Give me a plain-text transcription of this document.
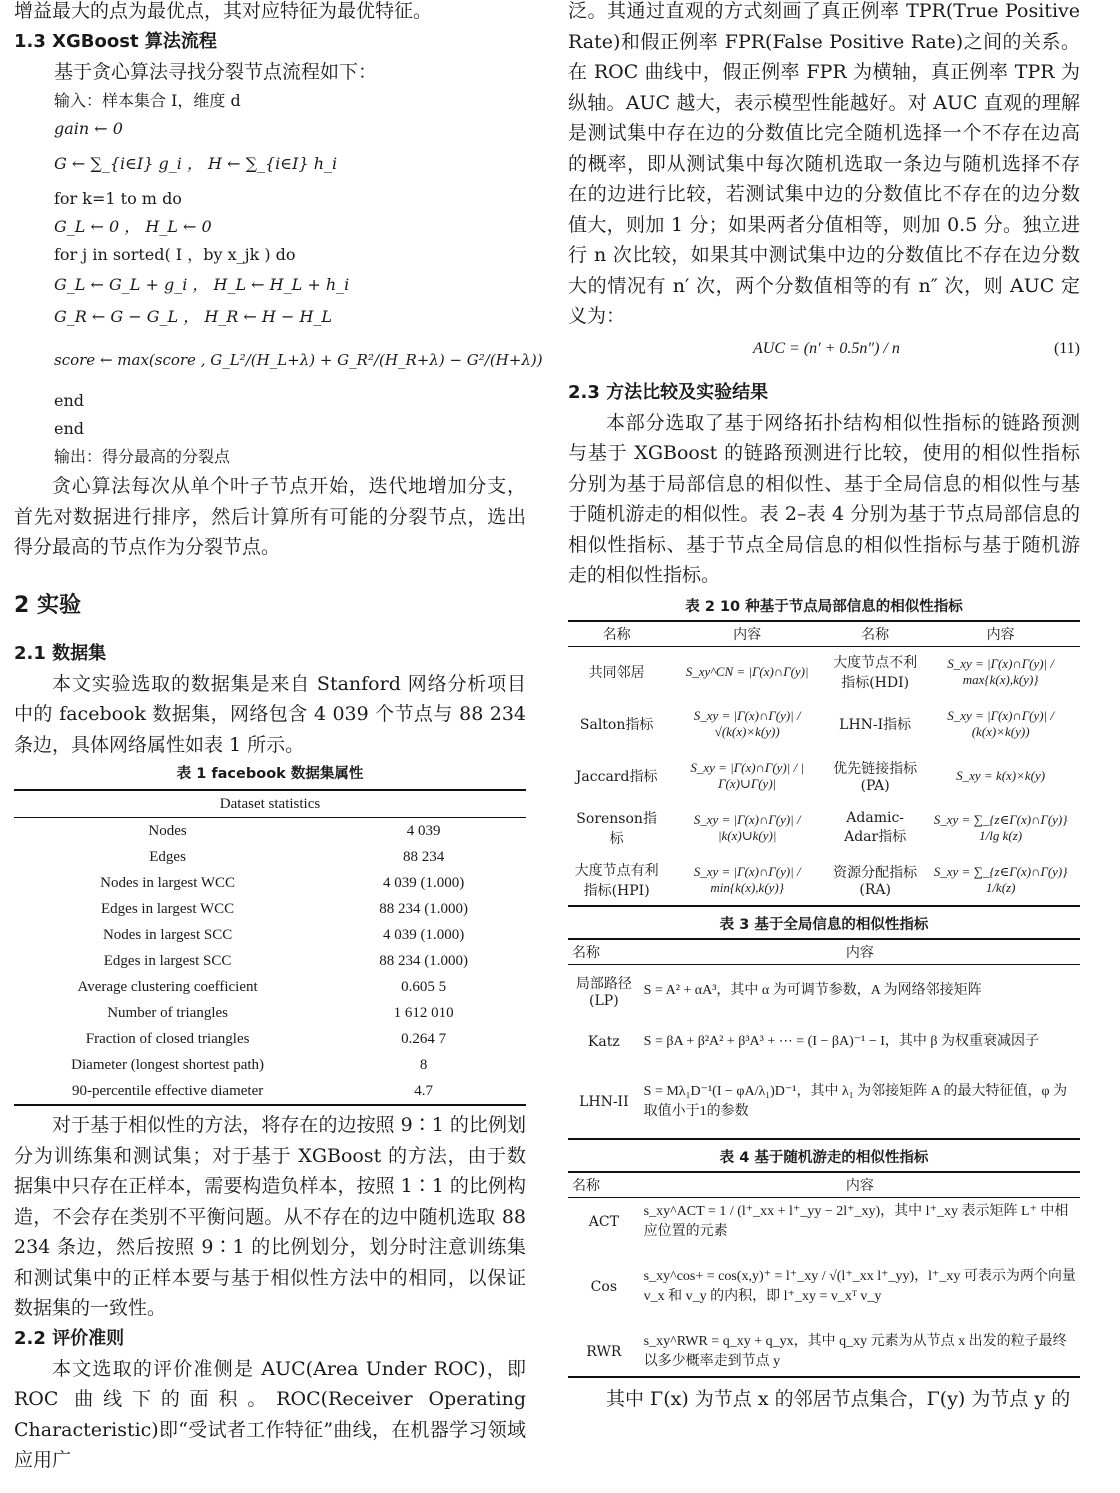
增益最大的点为最优点，其对应特征为最优特征。

1.3 XGBoost 算法流程

基于贪心算法寻找分裂节点流程如下：

输入：样本集合 I，维度 d
gain ← 0
G ← ∑_{i∈I} g_i ， H ← ∑_{i∈I} h_i
for k=1 to m do
G_L ← 0 ， H_L ← 0
for j in sorted( I ，by x_jk ) do
G_L ← G_L + g_i ， H_L ← H_L + h_i
G_R ← G − G_L ， H_R ← H − H_L
score ← max(score , G_L²/(H_L+λ) + G_R²/(H_R+λ) − G²/(H+λ))
end
end
输出：得分最高的分裂点

贪心算法每次从单个叶子节点开始，迭代地增加分支，首先对数据进行排序，然后计算所有可能的分裂节点，选出得分最高的节点作为分裂节点。

2 实验

2.1 数据集

本文实验选取的数据集是来自 Stanford 网络分析项目中的 facebook 数据集，网络包含 4 039 个节点与 88 234 条边，具体网络属性如表 1 所示。

表 1 facebook 数据集属性
Dataset statistics	
Nodes	4 039
Edges	88 234
Nodes in largest WCC	4 039 (1.000)
Edges in largest WCC	88 234 (1.000)
Nodes in largest SCC	4 039 (1.000)
Edges in largest SCC	88 234 (1.000)
Average clustering coefficient	0.605 5
Number of triangles	1 612 010
Fraction of closed triangles	0.264 7
Diameter (longest shortest path)	8
90-percentile effective diameter	4.7

对于基于相似性的方法，将存在的边按照 9∶1 的比例划分为训练集和测试集；对于基于 XGBoost 的方法，由于数据集中只存在正样本，需要构造负样本，按照 1∶1 的比例构造，不会存在类别不平衡问题。从不存在的边中随机选取 88 234 条边，然后按照 9∶1 的比例划分，划分时注意训练集和测试集中的正样本要与基于相似性方法中的相同，以保证数据集的一致性。

2.2 评价准则

本文选取的评价准侧是 AUC(Area Under ROC)，即 ROC 曲线下的面积。ROC(Receiver Operating Characteristic)即“受试者工作特征”曲线，在机器学习领域应用广

泛。其通过直观的方式刻画了真正例率 TPR(True Positive Rate)和假正例率 FPR(False Positive Rate)之间的关系。在 ROC 曲线中，假正例率 FPR 为横轴，真正例率 TPR 为纵轴。AUC 越大，表示模型性能越好。对 AUC 直观的理解是测试集中存在边的分数值比完全随机选择一个不存在边高的概率，即从测试集中每次随机选取一条边与随机选择不存在的边进行比较，若测试集中边的分数值比不存在的边分数值大，则加 1 分；如果两者分值相等，则加 0.5 分。独立进行 n 次比较，如果其中测试集中边的分数值比不存在边分数大的情况有 n′ 次，两个分数值相等的有 n″ 次，则 AUC 定义为：

AUC = (n′ + 0.5n″) / n	(11)

2.3 方法比较及实验结果

本部分选取了基于网络拓扑结构相似性指标的链路预测与基于 XGBoost 的链路预测进行比较，使用的相似性指标分别为基于局部信息的相似性、基于全局信息的相似性与基于随机游走的相似性。表 2–表 4 分别为基于节点局部信息的相似性指标、基于节点全局信息的相似性指标与基于随机游走的相似性指标。

表 2 10 种基于节点局部信息的相似性指标
名称	内容	名称	内容
共同邻居	S_xy^CN = |Γ(x)∩Γ(y)|	大度节点不利指标(HDI)	S_xy = |Γ(x)∩Γ(y)| / max{k(x),k(y)}
Salton指标	S_xy = |Γ(x)∩Γ(y)| / √(k(x)×k(y))	LHN-I指标	S_xy = |Γ(x)∩Γ(y)| / (k(x)×k(y))
Jaccard指标	S_xy = |Γ(x)∩Γ(y)| / |Γ(x)∪Γ(y)|	优先链接指标(PA)	S_xy = k(x)×k(y)
Sorenson指标	S_xy = |Γ(x)∩Γ(y)| / |k(x)∪k(y)|	Adamic-Adar指标	S_xy = ∑_{z∈Γ(x)∩Γ(y)} 1/lg k(z)
大度节点有利指标(HPI)	S_xy = |Γ(x)∩Γ(y)| / min{k(x),k(y)}	资源分配指标(RA)	S_xy = ∑_{z∈Γ(x)∩Γ(y)} 1/k(z)
表 3 基于全局信息的相似性指标
名称	内容
局部路径(LP)	S = A² + αA³，其中 α 为可调节参数，A 为网络邻接矩阵
Katz	S = βA + β²A² + β³A³ + ⋯ = (I − βA)⁻¹ − I，其中 β 为权重衰减因子
LHN-II	S = Mλ₁D⁻¹(I − φA/λ₁)D⁻¹，其中 λ₁ 为邻接矩阵 A 的最大特征值，φ 为取值小于1的参数
表 4 基于随机游走的相似性指标
名称	内容
ACT	s_xy^ACT = 1 / (l⁺_xx + l⁺_yy − 2l⁺_xy)，其中 l⁺_xy 表示矩阵 L⁺ 中相应位置的元素
Cos	s_xy^cos+ = cos(x,y)⁺ = l⁺_xy / √(l⁺_xx l⁺_yy)，l⁺_xy 可表示为两个向量 v_x 和 v_y 的内积，即 l⁺_xy = v_xᵀ v_y
RWR	s_xy^RWR = q_xy + q_yx，其中 q_xy 元素为从节点 x 出发的粒子最终以多少概率走到节点 y

其中 Γ(x) 为节点 x 的邻居节点集合，Γ(y) 为节点 y 的
